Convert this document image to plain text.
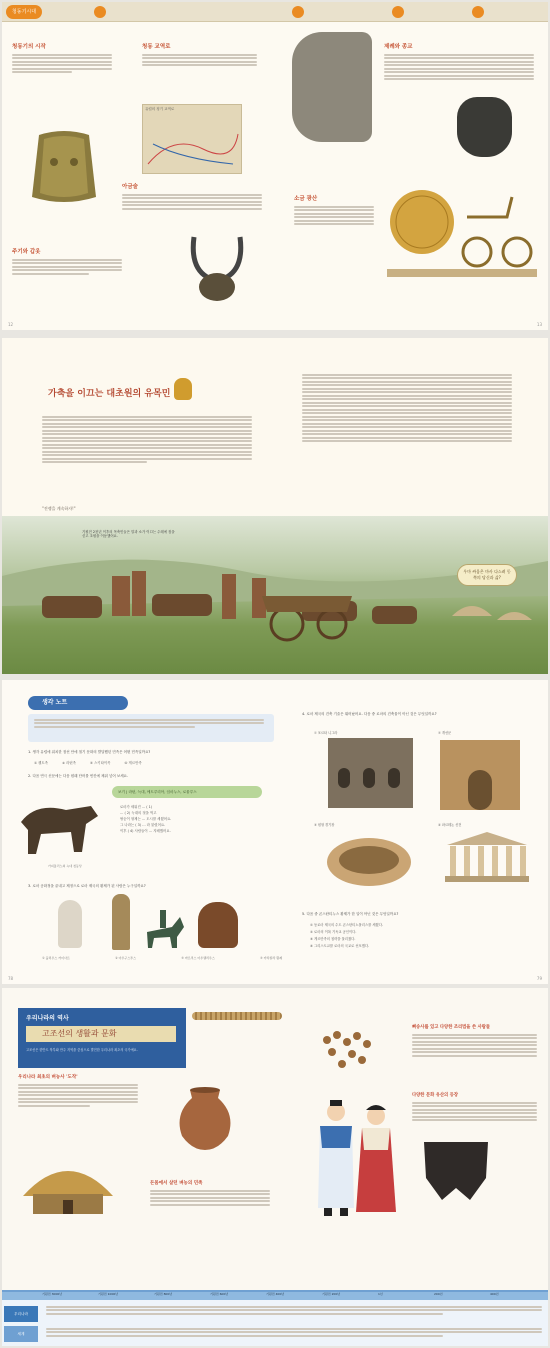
청동기시대

청동기의 시작
주기와 갑옷
청동 교역로
유럽의 청기 교역로
아금술
제례와 종교
소금 광산
12	13
가축을 이끄는 대초원의 유목민
"전쟁을 계속하자!"
기원전 2천년 이후의 목축민들은 말과 소가 이끄는 수레에 짐을 싣고 초원을 이동했어요.
우마 싸움은 마사 다스려 동쪽의 당신과 삶?
생각 노트
1. 생각 유럽에 위치한 점선 안에 철기 문화의 발달했던 민족은 어떤 민족일까요?
① 켈트족	② 라틴족	③ 스키타이족	④ 게르만족
2. 다음 연극 신문에는 다음 원래 단어를 빈칸에 채워 넣어 보세요.
보기 | 라틴, 늑대, 에트루리아, 임마누스, 로물루스
로마가 세워진 … ( 1)
… ( 2) 늑대의 젖을 먹고
쌍둥이 형제는 … 도시를 세웠어요.
그 나라는 ( 3) … 라 불렸어요.
이후 ( 4) 사람들이 … 지배했어요.
카피톨리노의 늑대 청동상
3. 로마 공화정을 끝내고 제정으로 로마 제국의 황제가 된 사람은 누구일까요?
① 율리우스 카이사르	② 아우구스투스	③ 마르쿠스 아우렐리우스	④ 카라칼라 황제
4. 로마 제국의 건축 기술은 뛰어났어요. 다음 중 로마의 건축물이 아닌 것은 무엇일까요?
① 포르타 니그라	② 개선문
③ 원형 경기장	④ 파르테논 신전
5. 다음 중 콘스탄티누스 황제가 한 일이 아닌 것은 무엇일까요?
① 동로마 제국의 수도 콘스탄티노폴리스를 세웠다.
② 로마의 이복 기독교 공인이다.
③ 게르만족의 침략을 물리쳤다.
④ 그리스도교를 로마의 국교로 선포했다.
78	79
우리나라의 역사
고조선의 생활과 문화
고조선은 한반도 북부와 만주 지역을 중심으로 발전한 우리나라 최초의 국가예요.
우리나라 최초의 벼농사 '도작'
돈몸에서 살던 벼농의 민족
뼈송사를 있고 다양한 조리법을 쓴 사람들
다양한 문화 유산의 등장
우리나라
세계
기원전 3000년	기원전 1000년	기원전 800년	기원전 600년	기원전 400년	기원전 200년	1년	200년	400년
